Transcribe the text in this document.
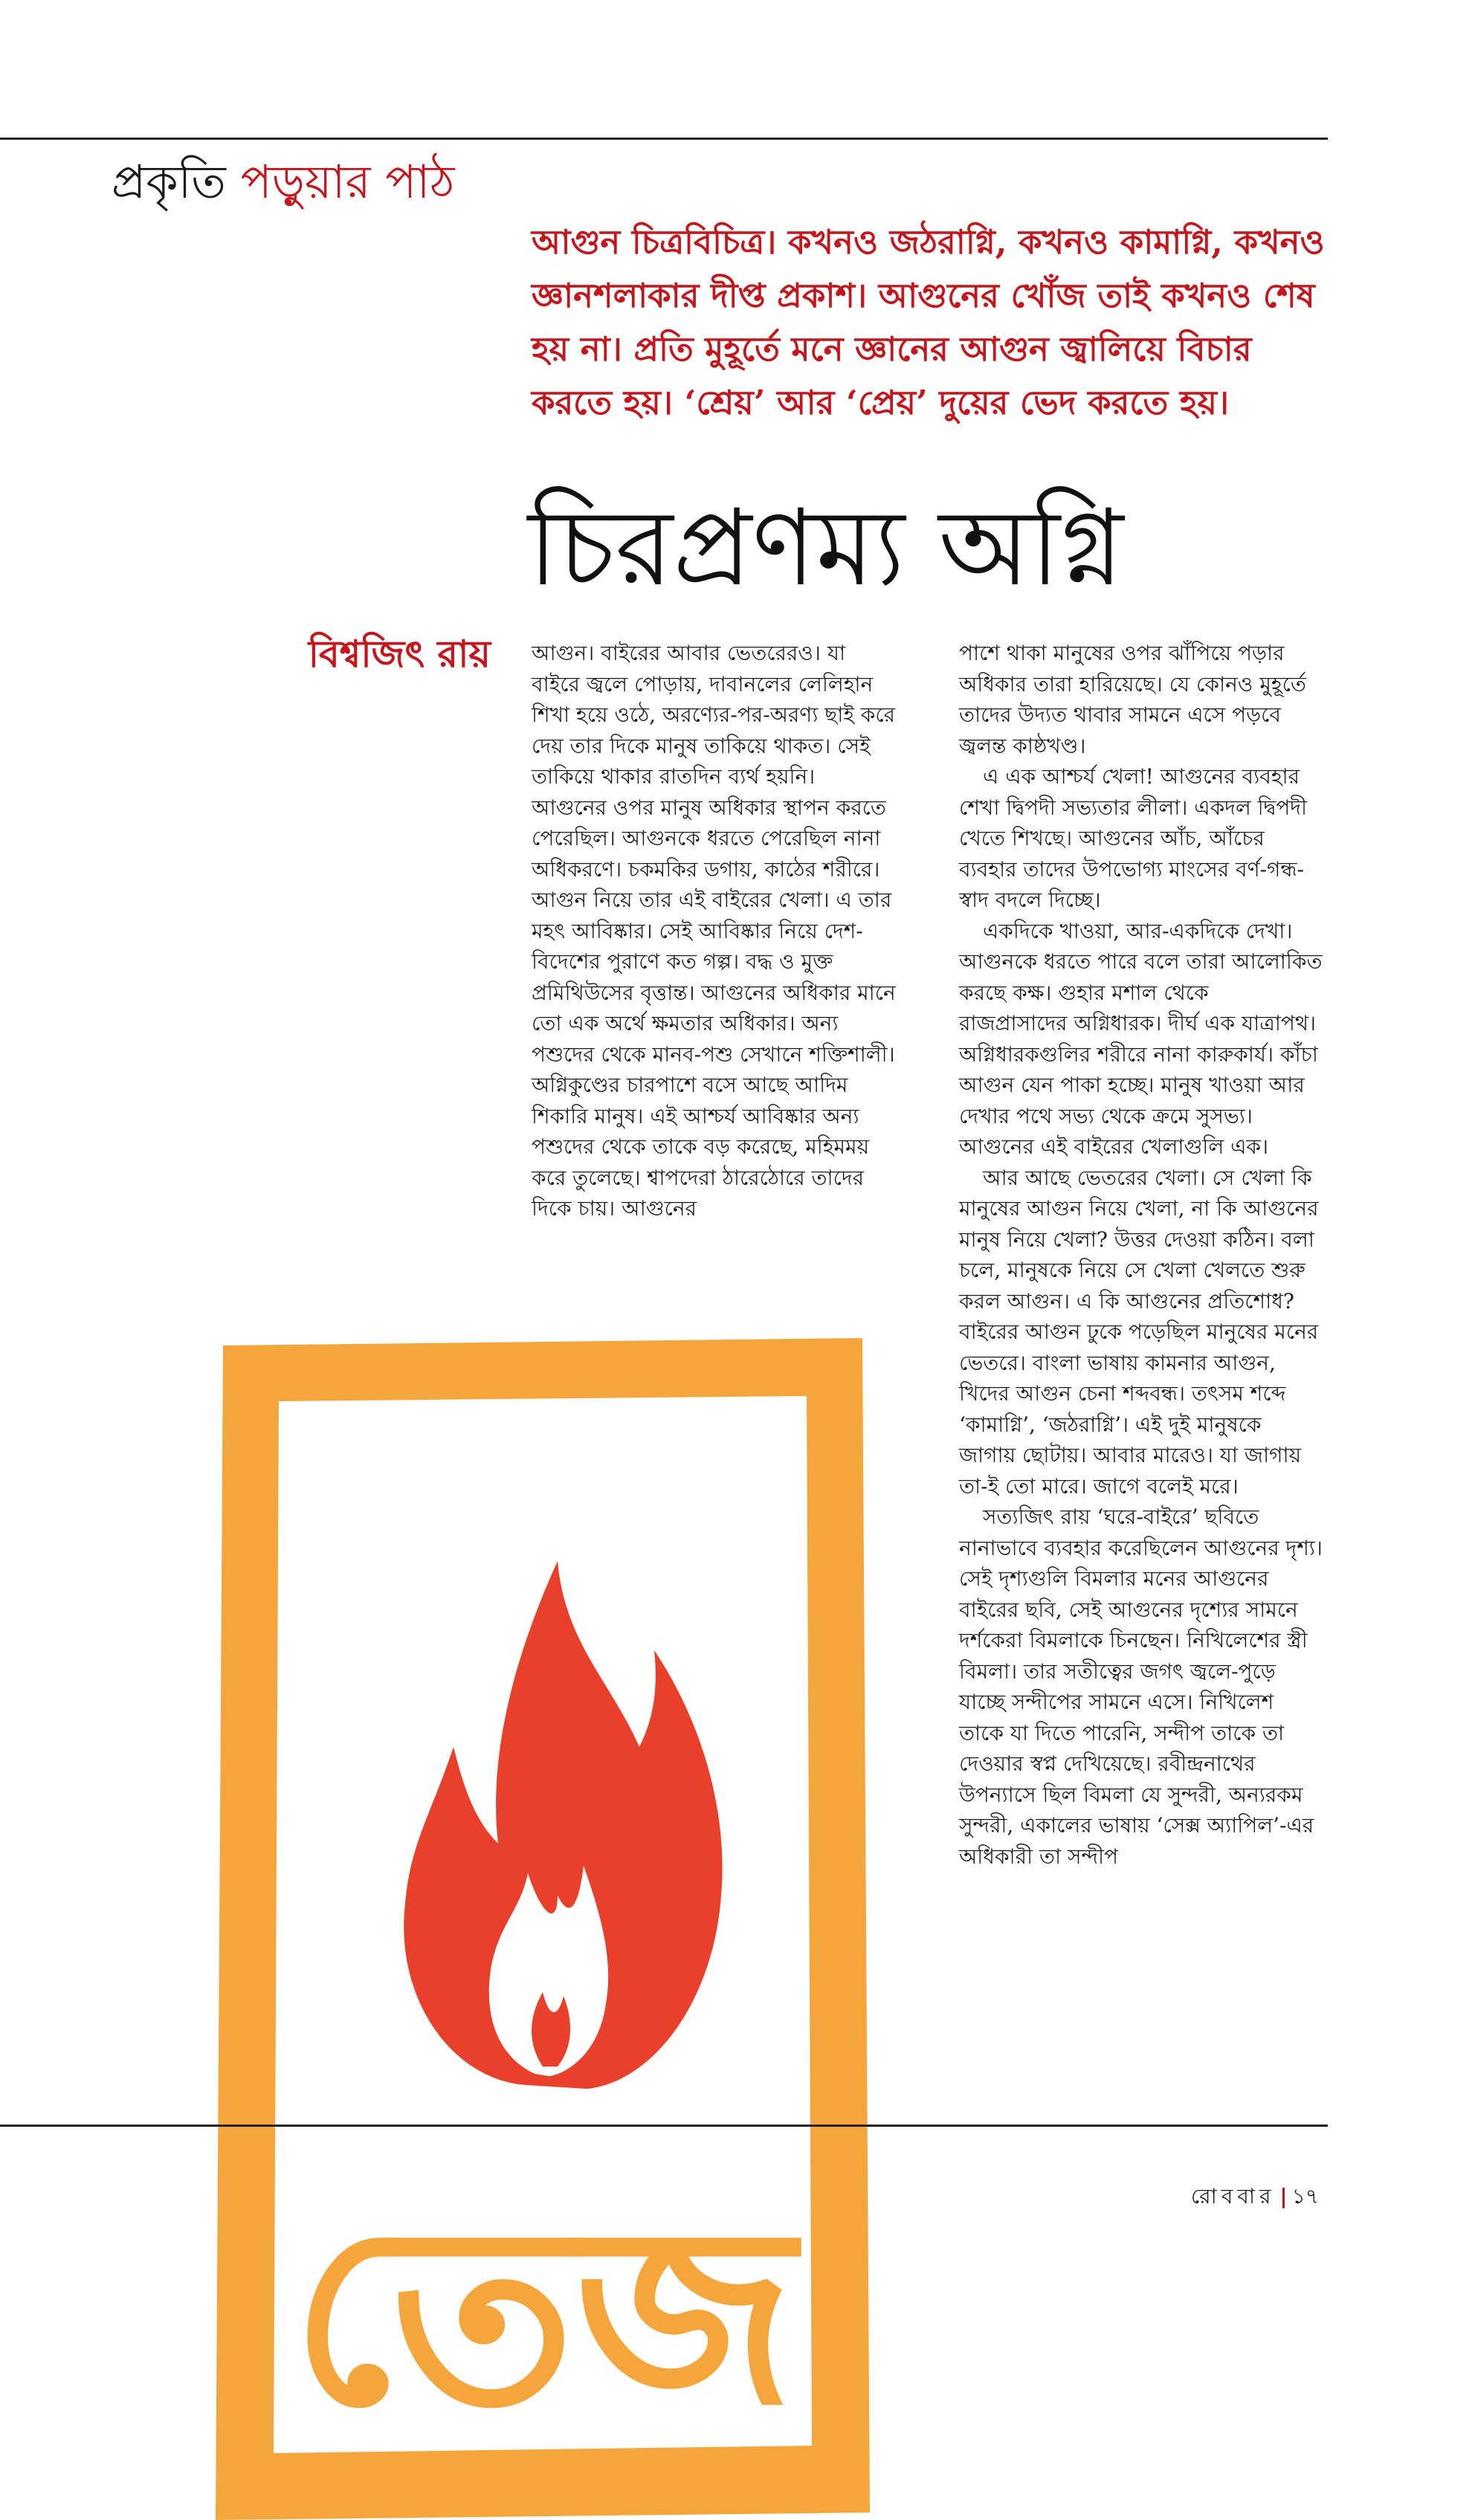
প্রকৃতি পড়ুয়ার পাঠ
আগুন চিত্রবিচিত্র। কখনও জঠরাগ্নি, কখনও কামাগ্নি, কখনও জ্ঞানশলাকার দীপ্ত প্রকাশ। আগুনের খোঁজ তাই কখনও শেষ হয় না। প্রতি মুহূর্তে মনে জ্ঞানের আগুন জ্বালিয়ে বিচার করতে হয়। ‘শ্রেয়’ আর ‘প্রেয়’ দুয়ের ভেদ করতে হয়।
চিরপ্রণম্য অগ্নি
বিশ্বজিৎ রায় আগুন। বাইরের আবার ভেতরেরও। যা বাইরে জ্বলে পোড়ায়, দাবানলের লেলিহান শিখা হয়ে ওঠে, অরণ্যের-পর-অরণ্য ছাই করে দেয় তার দিকে মানুষ তাকিয়ে থাকত। সেই তাকিয়ে থাকার রাতদিন ব্যর্থ হয়নি। আগুনের ওপর মানুষ অধিকার স্থাপন করতে পেরেছিল। আগুনকে ধরতে পেরেছিল নানা অধিকরণে। চকমকির ডগায়, কাঠের শরীরে। আগুন নিয়ে তার এই বাইরের খেলা। এ তার মহৎ আবিষ্কার। সেই আবিষ্কার নিয়ে দেশ-বিদেশের পুরাণে কত গল্প। বদ্ধ ও মুক্ত প্রমিথিউসের বৃত্তান্ত। আগুনের অধিকার মানে তো এক অর্থে ক্ষমতার অধিকার। অন্য পশুদের থেকে মানব-পশু সেখানে শক্তিশালী। অগ্নিকুণ্ডের চারপাশে বসে আছে আদিম শিকারি মানুষ। এই আশ্চর্য আবিষ্কার অন্য পশুদের থেকে তাকে বড় করেছে, মহিমময় করে তুলেছে। শ্বাপদেরা ঠারেঠোরে তাদের দিকে চায়। আগুনের

পাশে থাকা মানুষের ওপর ঝাঁপিয়ে পড়ার অধিকার তারা হারিয়েছে। যে কোনও মুহূর্তে তাদের উদ্যত থাবার সামনে এসে পড়বে জ্বলন্ত কাষ্ঠখণ্ড।

এ এক আশ্চর্য খেলা! আগুনের ব্যবহার শেখা দ্বিপদী সভ্যতার লীলা। একদল দ্বিপদী খেতে শিখছে। আগুনের আঁচ, আঁচের ব্যবহার তাদের উপভোগ্য মাংসের বর্ণ-গন্ধ-স্বাদ বদলে দিচ্ছে।

একদিকে খাওয়া, আর-একদিকে দেখা। আগুনকে ধরতে পারে বলে তারা আলোকিত করছে কক্ষ। গুহার মশাল থেকে রাজপ্রাসাদের অগ্নিধারক। দীর্ঘ এক যাত্রাপথ। অগ্নিধারকগুলির শরীরে নানা কারুকার্য। কাঁচা আগুন যেন পাকা হচ্ছে। মানুষ খাওয়া আর দেখার পথে সভ্য থেকে ক্রমে সুসভ্য। আগুনের এই বাইরের খেলাগুলি এক।

আর আছে ভেতরের খেলা। সে খেলা কি মানুষের আগুন নিয়ে খেলা, না কি আগুনের মানুষ নিয়ে খেলা? উত্তর দেওয়া কঠিন। বলা চলে, মানুষকে নিয়ে সে খেলা খেলতে শুরু করল আগুন। এ কি আগুনের প্রতিশোধ? বাইরের আগুন ঢুকে পড়েছিল মানুষের মনের ভেতরে। বাংলা ভাষায় কামনার আগুন, খিদের আগুন চেনা শব্দবন্ধ। তৎসম শব্দে ‘কামাগ্নি’, ‘জঠরাগ্নি’। এই দুই মানুষকে জাগায় ছোটায়। আবার মারেও। যা জাগায় তা-ই তো মারে। জাগে বলেই মরে।

সত্যজিৎ রায় ‘ঘরে-বাইরে’ ছবিতে নানাভাবে ব্যবহার করেছিলেন আগুনের দৃশ্য। সেই দৃশ্যগুলি বিমলার মনের আগুনের বাইরের ছবি, সেই আগুনের দৃশ্যের সামনে দর্শকেরা বিমলাকে চিনছেন। নিখিলেশের স্ত্রী বিমলা। তার সতীত্বের জগৎ জ্বলে-পুড়ে যাচ্ছে সন্দীপের সামনে এসে। নিখিলেশ তাকে যা দিতে পারেনি, সন্দীপ তাকে তা দেওয়ার স্বপ্ন দেখিয়েছে। রবীন্দ্রনাথের উপন্যাসে ছিল বিমলা যে সুন্দরী, অন্যরকম সুন্দরী, একালের ভাষায় ‘সেক্স অ্যাপিল’-এর অধিকারী তা সন্দীপ

তেজ	রোববার | ১৭
